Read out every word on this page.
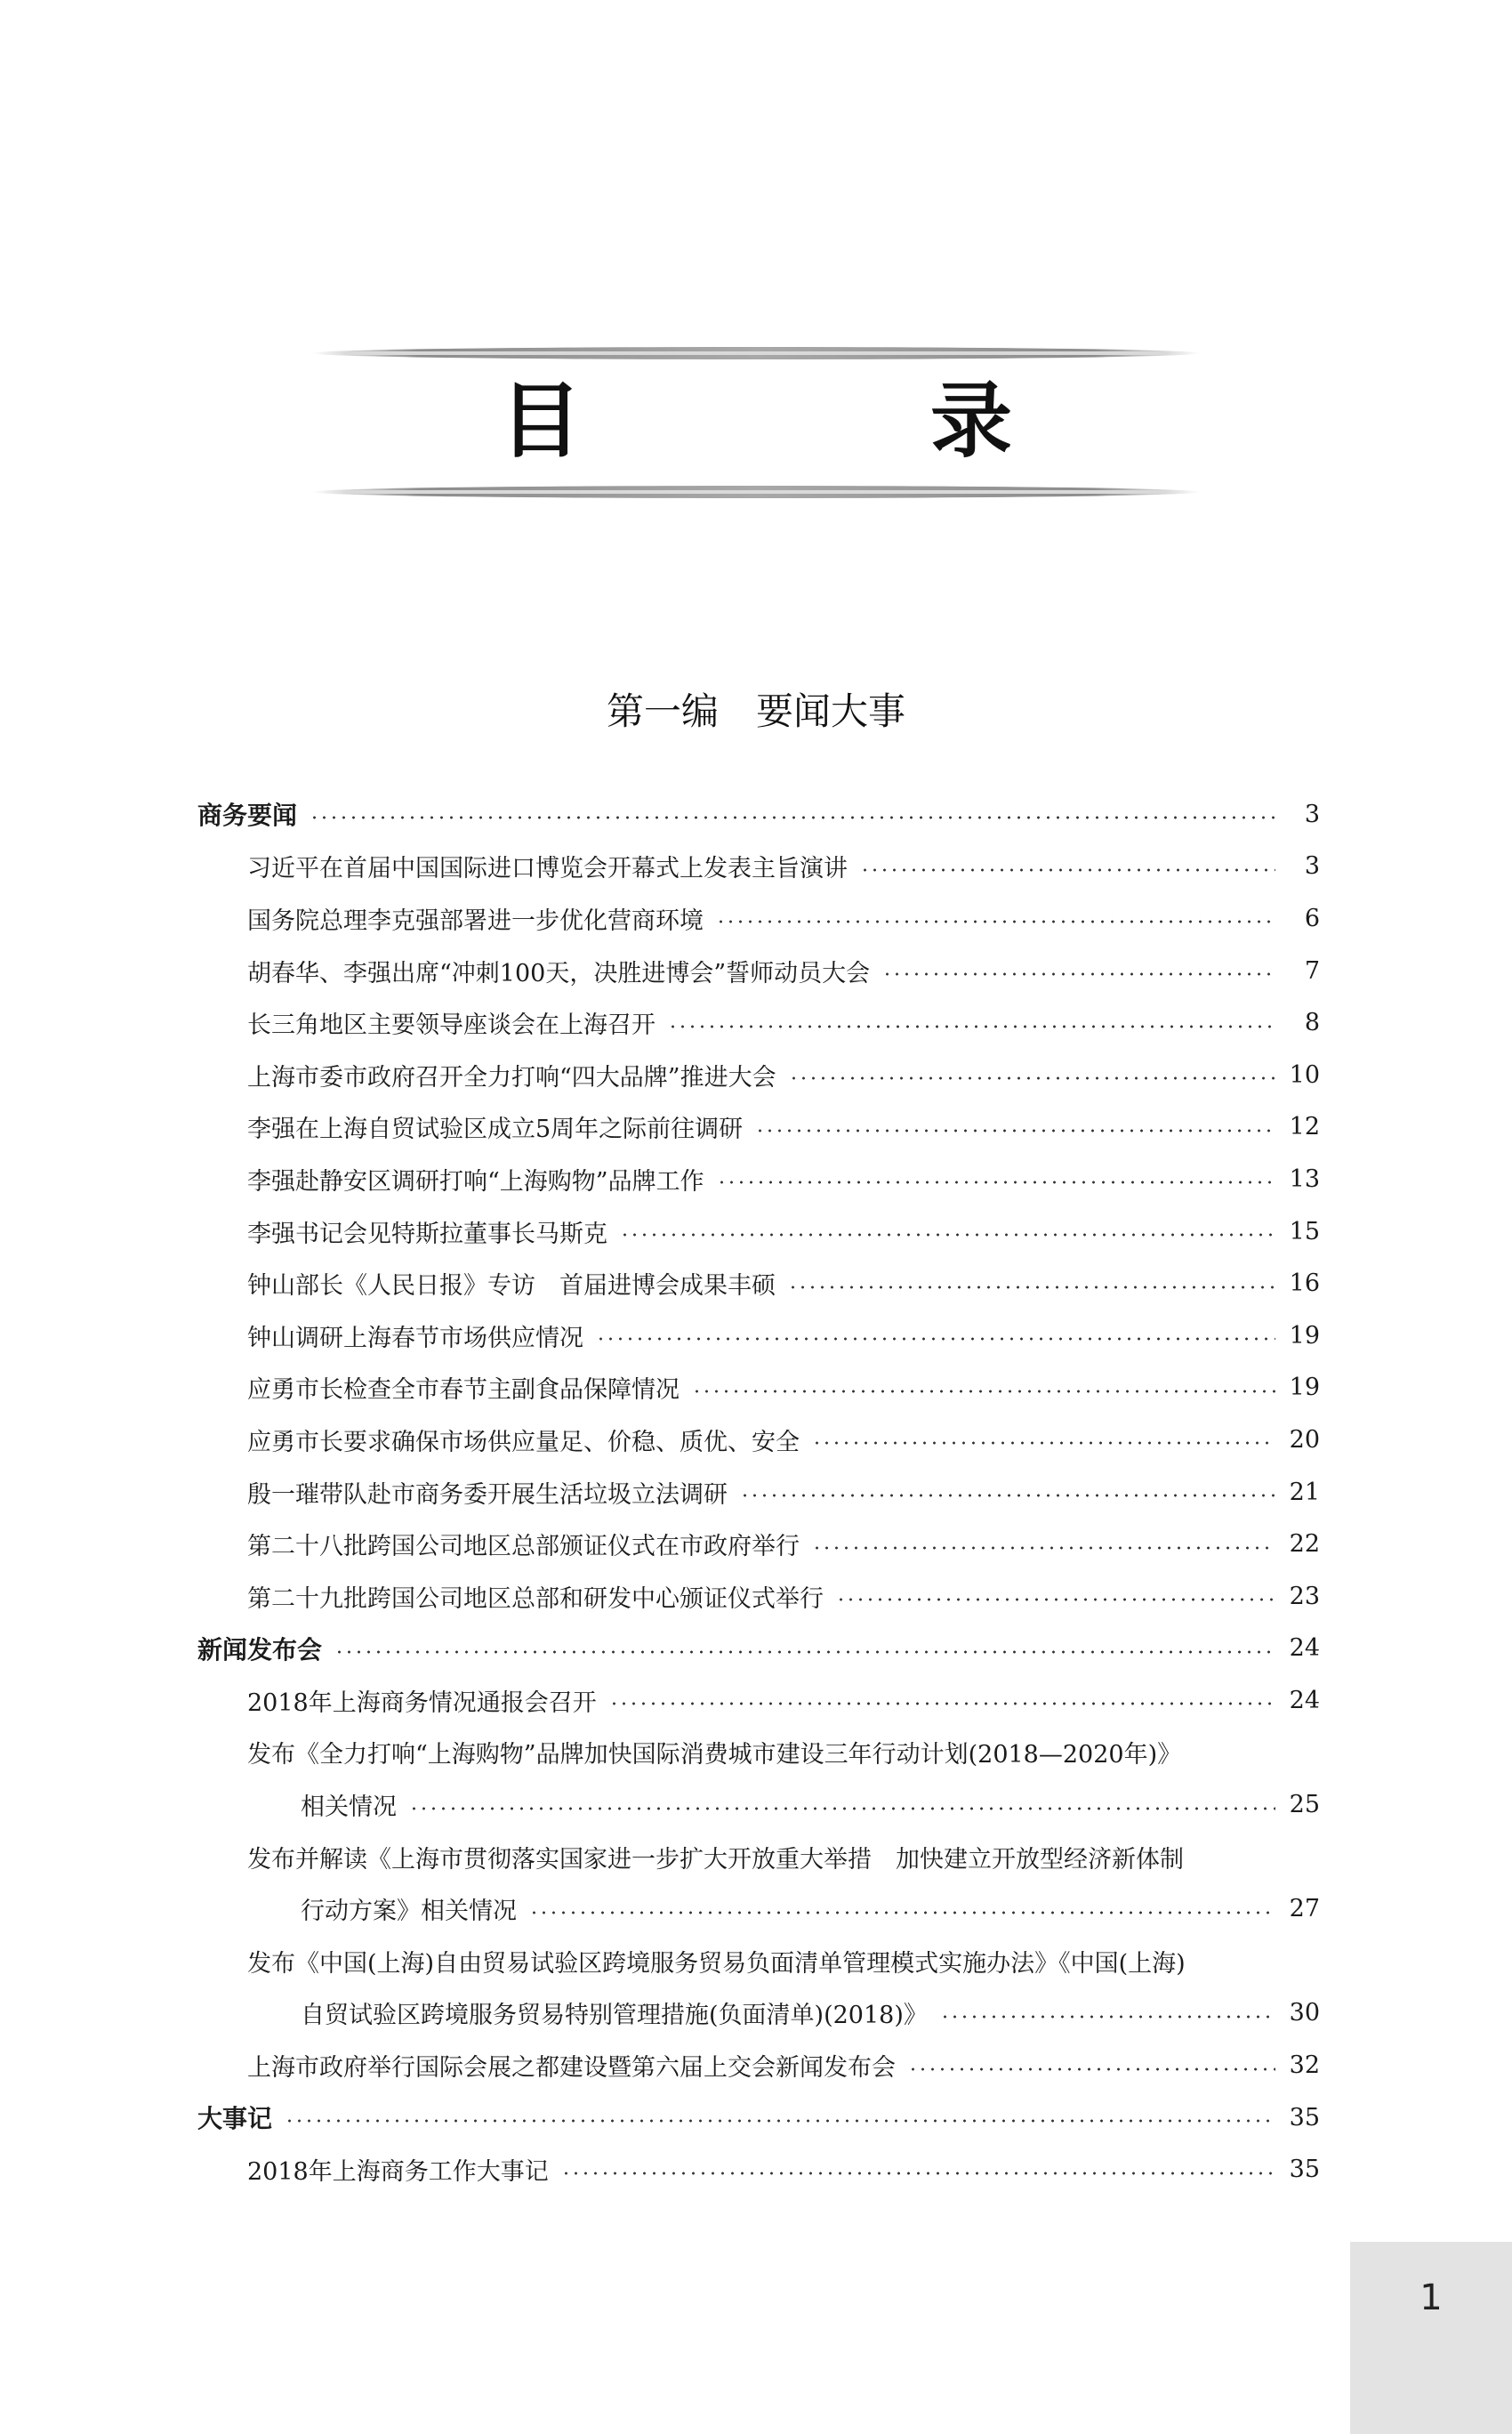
目　录
第一编　要闻大事
商务要闻	3
习近平在首届中国国际进口博览会开幕式上发表主旨演讲	3
国务院总理李克强部署进一步优化营商环境	6
胡春华、李强出席“冲刺100天，决胜进博会”誓师动员大会	7
长三角地区主要领导座谈会在上海召开	8
上海市委市政府召开全力打响“四大品牌”推进大会	10
李强在上海自贸试验区成立5周年之际前往调研	12
李强赴静安区调研打响“上海购物”品牌工作	13
李强书记会见特斯拉董事长马斯克	15
钟山部长《人民日报》专访　首届进博会成果丰硕	16
钟山调研上海春节市场供应情况	19
应勇市长检查全市春节主副食品保障情况	19
应勇市长要求确保市场供应量足、价稳、质优、安全	20
殷一璀带队赴市商务委开展生活垃圾立法调研	21
第二十八批跨国公司地区总部颁证仪式在市政府举行	22
第二十九批跨国公司地区总部和研发中心颁证仪式举行	23
新闻发布会	24
2018年上海商务情况通报会召开	24
发布《全力打响“上海购物”品牌加快国际消费城市建设三年行动计划(2018—2020年)》
相关情况	25
发布并解读《上海市贯彻落实国家进一步扩大开放重大举措　加快建立开放型经济新体制
行动方案》相关情况	27
发布《中国(上海)自由贸易试验区跨境服务贸易负面清单管理模式实施办法》《中国(上海)
自贸试验区跨境服务贸易特别管理措施(负面清单)(2018)》	30
上海市政府举行国际会展之都建设暨第六届上交会新闻发布会	32
大事记	35
2018年上海商务工作大事记	35
1
